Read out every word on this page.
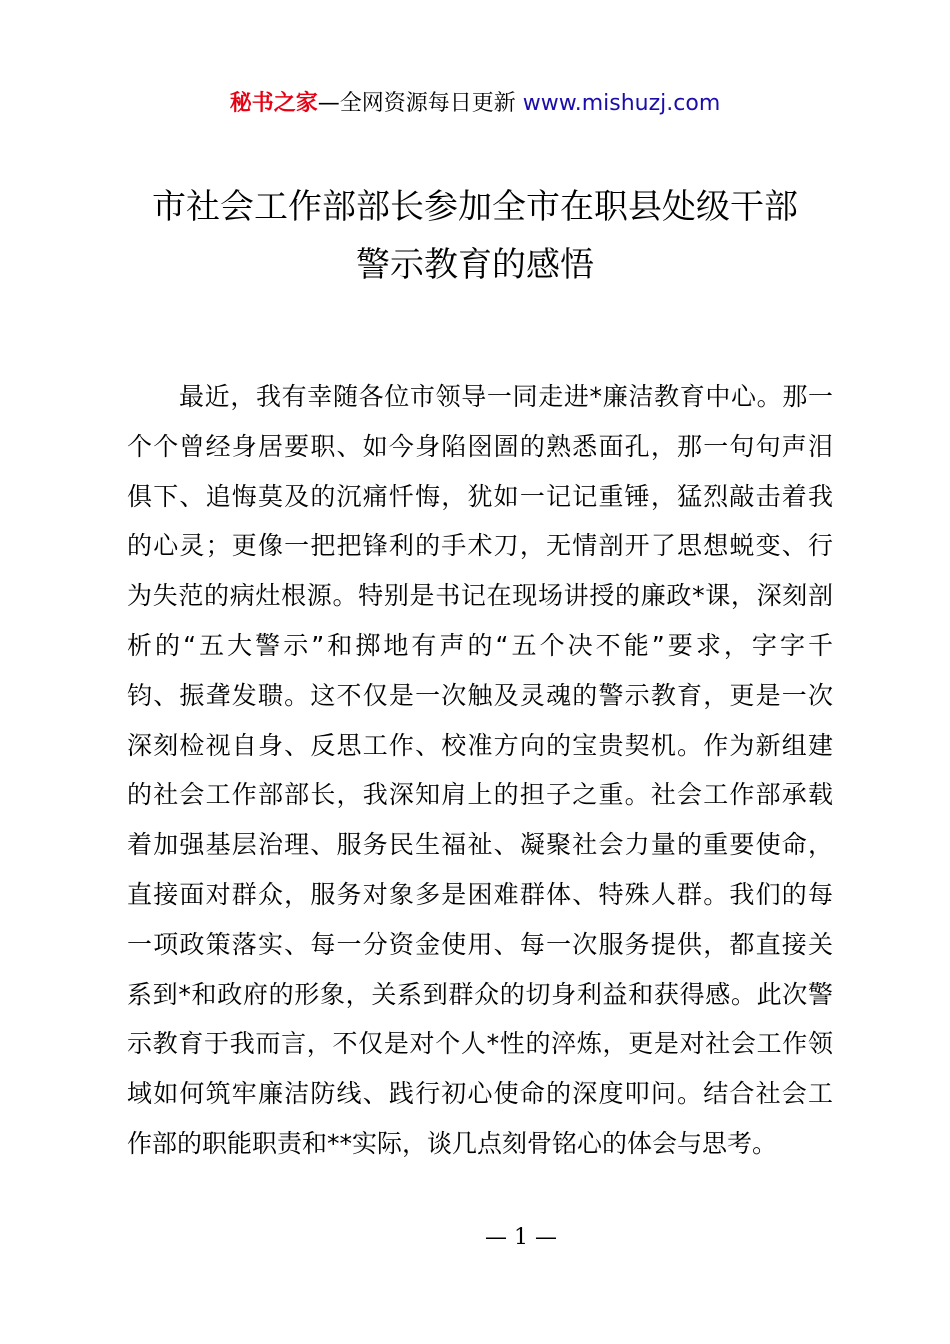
秘书之家—全网资源每日更新 www.mishuzj.com
市社会工作部部长参加全市在职县处级干部
警示教育的感悟
最近，我有幸随各位市领导一同走进*廉洁教育中心。那一
个个曾经身居要职、如今身陷囹圄的熟悉面孔，那一句句声泪
俱下、追悔莫及的沉痛忏悔，犹如一记记重锤，猛烈敲击着我
的心灵；更像一把把锋利的手术刀，无情剖开了思想蜕变、行
为失范的病灶根源。特别是书记在现场讲授的廉政*课，深刻剖
析的“五大警示”和掷地有声的“五个决不能”要求，字字千
钧、振聋发聩。这不仅是一次触及灵魂的警示教育，更是一次
深刻检视自身、反思工作、校准方向的宝贵契机。作为新组建
的社会工作部部长，我深知肩上的担子之重。社会工作部承载
着加强基层治理、服务民生福祉、凝聚社会力量的重要使命，
直接面对群众，服务对象多是困难群体、特殊人群。我们的每
一项政策落实、每一分资金使用、每一次服务提供，都直接关
系到*和政府的形象，关系到群众的切身利益和获得感。此次警
示教育于我而言，不仅是对个人*性的淬炼，更是对社会工作领
域如何筑牢廉洁防线、践行初心使命的深度叩问。结合社会工
作部的职能职责和**实际，谈几点刻骨铭心的体会与思考。
— 1 —
